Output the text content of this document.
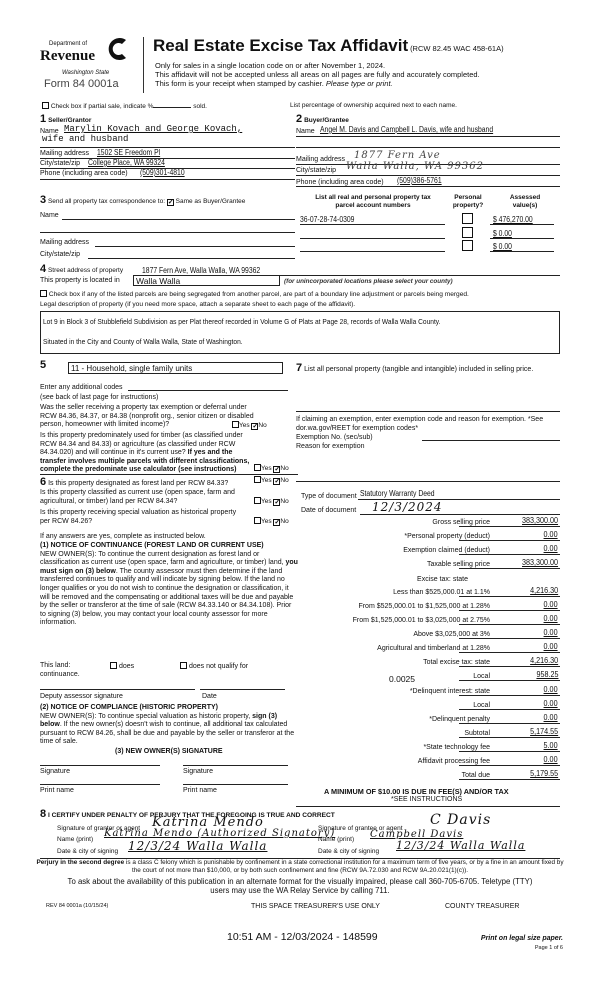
Department of
Revenue
Washington State
Form 84 0001a
Real Estate Excise Tax Affidavit (RCW 82.45 WAC 458-61A)
Only for sales in a single location code on or after November 1, 2024.
This affidavit will not be accepted unless all areas on all pages are fully and accurately completed.
This form is your receipt when stamped by cashier. Please type or print.
Check box if partial sale, indicate %	sold.	List percentage of ownership acquired next to each name.
1 Seller/Grantor
Name Marylin Kovach and George Kovach,
wife and husband
Mailing address 1502 SE Freedom Pl
City/state/zip College Place, WA 99324
Phone (including area code) (509)301-4810
2 Buyer/Grantee
Name Angel M. Davis and Campbell L. Davis, wife and husband
Mailing address 1877 Fern Ave
City/state/zip Walla Walla, WA 99362
Phone (including area code) (509)386-5761
3 Send all property tax correspondence to: ✓ Same as Buyer/Grantee
Name
Mailing address
City/state/zip
List all real and personal property tax
parcel account numbers
Personal
property?
Assessed
value(s)
36-07-28-74-0309	$ 476,270.00
$ 0.00
$ 0.00
4 Street address of property 1877 Fern Ave, Walla Walla, WA 99362
This property is located in	Walla Walla	(for unincorporated locations please select your county)
Check box if any of the listed parcels are being segregated from another parcel, are part of a boundary line adjustment or parcels being merged.
Legal description of property (if you need more space, attach a separate sheet to each page of the affidavit).
Lot 9 in Block 3 of Stubblefield Subdivision as per Plat thereof recorded in Volume G of Plats at Page 28, records of Walla Walla County.
Situated in the City and County of Walla Walla, State of Washington.
5	11 - Household, single family units
Enter any additional codes
(see back of last page for instructions)
Was the seller receiving a property tax exemption or deferral under RCW 84.36, 84.37, or 84.38 (nonprofit org., senior citizen or disabled person, homeowner with limited income)?	Yes ✓No
Is this property predominately used for timber (as classified under RCW 84.34 and 84.33) or agriculture (as classified under RCW 84.34.020) and will continue in it's current use? If yes and the transfer involves multiple parcels with different classifications, complete the predominate use calculator (see instructions)	Yes ✓No
6 Is this property designated as forest land per RCW 84.33?	Yes ✓No
Is this property classified as current use (open space, farm and agricultural, or timber) land per RCW 84.34?	Yes ✓No
Is this property receiving special valuation as historical property per RCW 84.26?	Yes ✓No
If any answers are yes, complete as instructed below.
(1) NOTICE OF CONTINUANCE (FOREST LAND OR CURRENT USE)
NEW OWNER(S): To continue the current designation as forest land or classification as current use (open space, farm and agriculture, or timber) land, you must sign on (3) below. The county assessor must then determine if the land transferred continues to qualify and will indicate by signing below. If the land no longer qualifies or you do not wish to continue the designation or classification, it will be removed and the compensating or additional taxes will be due and payable by the seller or transferor at the time of sale (RCW 84.33.140 or 84.34.108). Prior to signing (3) below, you may contact your local county assessor for more information.
This land:	does	does not qualify for
continuance.
Deputy assessor signature	Date
(2) NOTICE OF COMPLIANCE (HISTORIC PROPERTY)
NEW OWNER(S): To continue special valuation as historic property, sign (3) below. If the new owner(s) doesn't wish to continue, all additional tax calculated pursuant to RCW 84.26, shall be due and payable by the seller or transferor at the time of sale.
(3) NEW OWNER(S) SIGNATURE
Signature	Signature
Print name	Print name
7 List all personal property (tangible and intangible) included in selling price.
If claiming an exemption, enter exemption code and reason for exemption. *See dor.wa.gov/REET for exemption codes*
Exemption No. (sec/sub)
Reason for exemption
Type of document Statutory Warranty Deed
Date of document 12/3/2024
Gross selling price	383,300.00
*Personal property (deduct)	0.00
Exemption claimed (deduct)	0.00
Taxable selling price	383,300.00
Excise tax: state
Less than $525,000.01 at 1.1%	4,216.30
From $525,000.01 to $1,525,000 at 1.28%	0.00
From $1,525,000.01 to $3,025,000 at 2.75%	0.00
Above $3,025,000 at 3%	0.00
Agricultural and timberland at 1.28%	0.00
Total excise tax: state	4,216.30
Local	958.25
*Delinquent interest: state	0.00
Local	0.00
*Delinquent penalty	0.00
Subtotal	5,174.55
*State technology fee	5.00
Affidavit processing fee	0.00
Total due	5,179.55
0.0025
A MINIMUM OF $10.00 IS DUE IN FEE(S) AND/OR TAX
*SEE INSTRUCTIONS
8 I CERTIFY UNDER PENALTY OF PERJURY THAT THE FOREGOING IS TRUE AND CORRECT
Signature of grantor or agent Katrina Mendo
Name (print)
Katrina Mendo (Authorized Signatory)
Date & city of signing 12/3/24 Walla Walla
Signature of grantee or agent
C Davis
Name (print) Campbell Davis
Date & city of signing 12/3/24 Walla Walla
Perjury in the second degree is a class C felony which is punishable by confinement in a state correctional institution for a maximum term of five years, or by a fine in an amount fixed by the court of not more than $10,000, or by both such confinement and fine (RCW 9A.72.030 and RCW 9A.20.021(1)(c)).
To ask about the availability of this publication in an alternate format for the visually impaired, please call 360-705-6705. Teletype (TTY) users may use the WA Relay Service by calling 711.
REV 84 0001a (10/15/24)	THIS SPACE TREASURER'S USE ONLY	COUNTY TREASURER
10:51 AM - 12/03/2024 - 148599	Print on legal size paper.
Page 1 of 6
